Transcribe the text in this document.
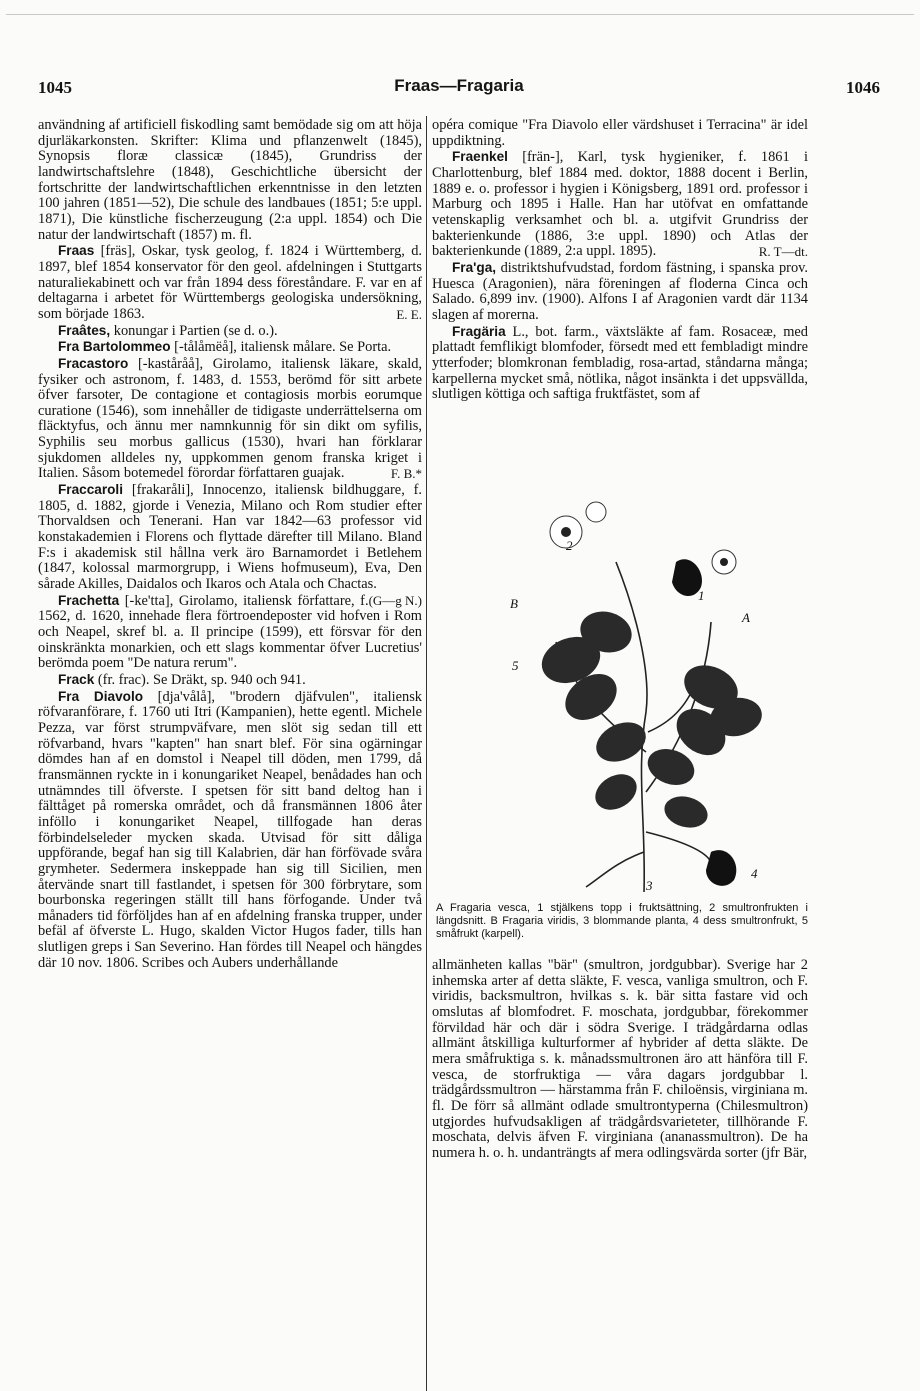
1045	Fraas—Fragaria	1046

användning af artificiell fiskodling samt bemödade sig om att höja djurläkarkonsten. Skrifter: Klima und pflanzenwelt (1845), Synopsis floræ classicæ (1845), Grundriss der landwirtschaftslehre (1848), Geschichtliche übersicht der fortschritte der landwirtschaftlichen erkenntnisse in den letzten 100 jahren (1851—52), Die schule des landbaues (1851; 5:e uppl. 1871), Die künstliche fischerzeugung (2:a uppl. 1854) och Die natur der landwirtschaft (1857) m. fl.

Fraas [fräs], Oskar, tysk geolog, f. 1824 i Württemberg, d. 1897, blef 1854 konservator för den geol. afdelningen i Stuttgarts naturaliekabinett och var från 1894 dess föreståndare. F. var en af deltagarna i arbetet för Württembergs geologiska undersökning, som började 1863.	E. E.

Fraâtes, konungar i Partien (se d. o.).

Fra Bartolommeo [-tålåmëå], italiensk målare. Se Porta.

Fracastoro [-kaståråå], Girolamo, italiensk läkare, skald, fysiker och astronom, f. 1483, d. 1553, berömd för sitt arbete öfver farsoter, De contagione et contagiosis morbis eorumque curatione (1546), som innehåller de tidigaste underrättelserna om fläcktyfus, och ännu mer namnkunnig för sin dikt om syfilis, Syphilis seu morbus gallicus (1530), hvari han förklarar sjukdomen alldeles ny, uppkommen genom franska kriget i Italien. Såsom botemedel förordar författaren guajak.	F. B.*

Fraccaroli [frakaråli], Innocenzo, italiensk bildhuggare, f. 1805, d. 1882, gjorde i Venezia, Milano och Rom studier efter Thorvaldsen och Tenerani. Han var 1842—63 professor vid konstakademien i Florens och flyttade därefter till Milano. Bland F:s i akademisk stil hållna verk äro Barnamordet i Betlehem (1847, kolossal marmorgrupp, i Wiens hofmuseum), Eva, Den sårade Akilles, Daidalos och Ikaros och Atala och Chactas.
(G—g N.)

Frachetta [-ke'tta], Girolamo, italiensk författare, f. 1562, d. 1620, innehade flera förtroendeposter vid hofven i Rom och Neapel, skref bl. a. Il principe (1599), ett försvar för den oinskränkta monarkien, och ett slags kommentar öfver Lucretius' berömda poem "De natura rerum".

Frack (fr. frac). Se Dräkt, sp. 940 och 941.

Fra Diavolo [dja'vålå], "brodern djäfvulen", italiensk röfvaranförare, f. 1760 uti Itri (Kampanien), hette egentl. Michele Pezza, var först strumpväfvare, men slöt sig sedan till ett röfvarband, hvars "kapten" han snart blef. För sina ogärningar dömdes han af en domstol i Neapel till döden, men 1799, då fransmännen ryckte in i konungariket Neapel, benådades han och utnämndes till öfverste. I spetsen för sitt band deltog han i fälttåget på romerska området, och då fransmännen 1806 åter inföllo i konungariket Neapel, tillfogade han deras förbindelseleder mycken skada. Utvisad för sitt dåliga uppförande, begaf han sig till Kalabrien, där han förfövade svåra grymheter. Sedermera inskeppade han sig till Sicilien, men återvände snart till fastlandet, i spetsen för 300 förbrytare, som bourbonska regeringen ställt till hans förfogande. Under två månaders tid förföljdes han af en afdelning franska trupper, under befäl af öfverste L. Hugo, skalden Victor Hugos fader, tills han slutligen greps i San Severino. Han fördes till Neapel och hängdes där 10 nov. 1806. Scribes och Aubers underhållande

opéra comique "Fra Diavolo eller värdshuset i Terracina" är idel uppdiktning.

Fraenkel [frän-], Karl, tysk hygieniker, f. 1861 i Charlottenburg, blef 1884 med. doktor, 1888 docent i Berlin, 1889 e. o. professor i hygien i Königsberg, 1891 ord. professor i Marburg och 1895 i Halle. Han har utöfvat en omfattande vetenskaplig verksamhet och bl. a. utgifvit Grundriss der bakterienkunde (1886, 3:e uppl. 1890) och Atlas der bakterienkunde (1889, 2:a uppl. 1895).	R. T—dt.

Fra'ga, distriktshufvudstad, fordom fästning, i spanska prov. Huesca (Aragonien), nära föreningen af floderna Cinca och Salado. 6,899 inv. (1900). Alfons I af Aragonien vardt där 1134 slagen af morerna.

Fragäria L., bot. farm., växtsläkte af fam. Rosaceæ, med plattadt femflikigt blomfoder, försedt med ett fembladigt mindre ytterfoder; blomkronan fembladig, rosa-artad, ståndarna många; karpellerna mycket små, nötlika, något insänkta i det uppsvällda, slutligen köttiga och saftiga fruktfästet, som af

2
B
1
A
5
3
4

A Fragaria vesca, 1 stjälkens topp i fruktsättning, 2 smultronfrukten i längdsnitt. B Fragaria viridis, 3 blommande planta, 4 dess smultronfrukt, 5 småfrukt (karpell).

allmänheten kallas "bär" (smultron, jordgubbar). Sverige har 2 inhemska arter af detta släkte, F. vesca, vanliga smultron, och F. viridis, backsmultron, hvilkas s. k. bär sitta fastare vid och omslutas af blomfodret. F. moschata, jordgubbar, förekommer förvildad här och där i södra Sverige. I trädgårdarna odlas allmänt åtskilliga kulturformer af hybrider af detta släkte. De mera småfruktiga s. k. månadssmultronen äro att hänföra till F. vesca, de storfruktiga — våra dagars jordgubbar l. trädgårdssmultron — härstamma från F. chiloënsis, virginiana m. fl. De förr så allmänt odlade smultrontyperna (Chilesmultron) utgjordes hufvudsakligen af trädgårdsvarieteter, tillhörande F. moschata, delvis äfven F. virginiana (ananassmultron). De ha numera h. o. h. undanträngts af mera odlingsvärda sorter (jfr Bär,
